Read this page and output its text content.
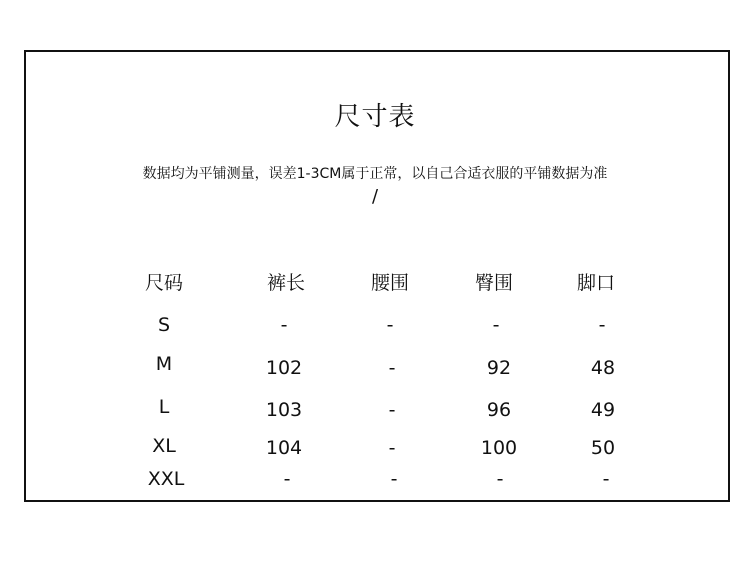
尺寸表
数据均为平铺测量，误差1-3CM属于正常，以自己合适衣服的平铺数据为准
/
尺码	裤长	腰围	臀围	脚口
S	-	-	-	-
M	102	-	92	48
L	103	-	96	49
XL	104	-	100	50
XXL	-	-	-	-
